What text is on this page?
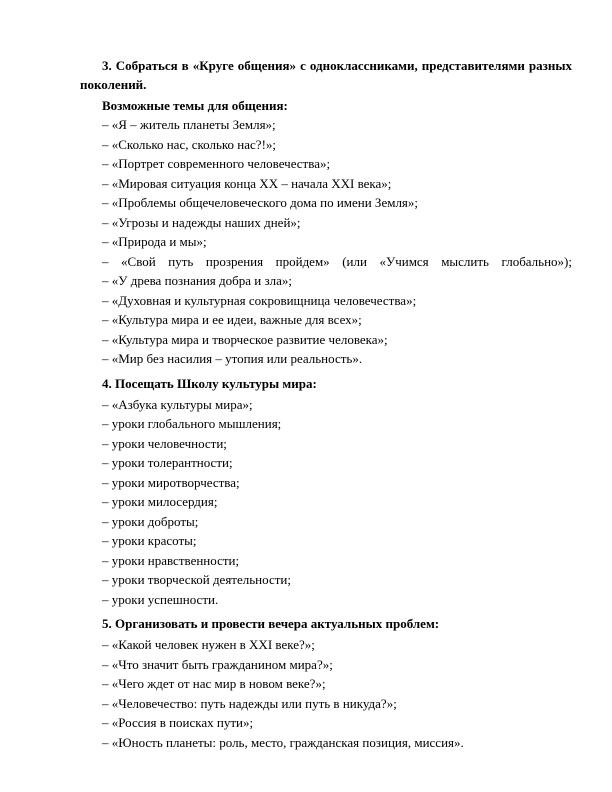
3. Собраться в «Круге общения» с одноклассниками, представителями разных поколений.

Возможные темы для общения:

– «Я – житель планеты Земля»;
– «Сколько нас, сколько нас?!»;
– «Портрет современного человечества»;
– «Мировая ситуация конца XX – начала XXI века»;
– «Проблемы общечеловеческого дома по имени Земля»;
– «Угрозы и надежды наших дней»;
– «Природа и мы»;
– «Свой путь прозрения пройдем» (или «Учимся мыслить глобально»);
– «У древа познания добра и зла»;
– «Духовная и культурная сокровищница человечества»;
– «Культура мира и ее идеи, важные для всех»;
– «Культура мира и творческое развитие человека»;
– «Мир без насилия – утопия или реальность».

4. Посещать Школу культуры мира:

– «Азбука культуры мира»;
– уроки глобального мышления;
– уроки человечности;
– уроки толерантности;
– уроки миротворчества;
– уроки милосердия;
– уроки доброты;
– уроки красоты;
– уроки нравственности;
– уроки творческой деятельности;
– уроки успешности.

5. Организовать и провести вечера актуальных проблем:

– «Какой человек нужен в XXI веке?»;
– «Что значит быть гражданином мира?»;
– «Чего ждет от нас мир в новом веке?»;
– «Человечество: путь надежды или путь в никуда?»;
– «Россия в поисках пути»;
– «Юность планеты: роль, место, гражданская позиция, миссия».
